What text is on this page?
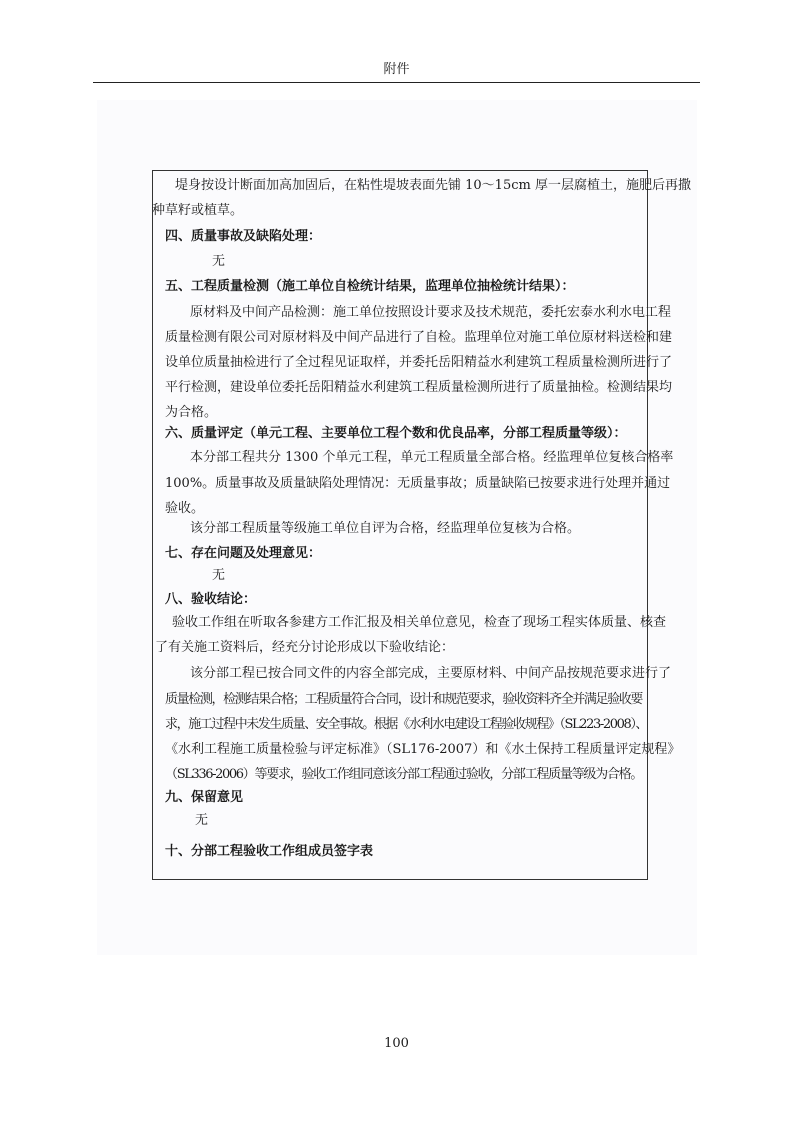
附件
堤身按设计断面加高加固后，在粘性堤坡表面先铺 10～15cm 厚一层腐植土，施肥后再撒
种草籽或植草。
四、质量事故及缺陷处理：
无
五、工程质量检测（施工单位自检统计结果，监理单位抽检统计结果）：
原材料及中间产品检测：施工单位按照设计要求及技术规范，委托宏泰水利水电工程
质量检测有限公司对原材料及中间产品进行了自检。监理单位对施工单位原材料送检和建
设单位质量抽检进行了全过程见证取样，并委托岳阳精益水利建筑工程质量检测所进行了
平行检测，建设单位委托岳阳精益水利建筑工程质量检测所进行了质量抽检。检测结果均
为合格。
六、质量评定（单元工程、主要单位工程个数和优良品率，分部工程质量等级）：
本分部工程共分 1300 个单元工程，单元工程质量全部合格。经监理单位复核合格率
100%。质量事故及质量缺陷处理情况：无质量事故；质量缺陷已按要求进行处理并通过
验收。
该分部工程质量等级施工单位自评为合格，经监理单位复核为合格。
七、存在问题及处理意见：
无
八、验收结论：
验收工作组在听取各参建方工作汇报及相关单位意见，检查了现场工程实体质量、核查
了有关施工资料后，经充分讨论形成以下验收结论：
该分部工程已按合同文件的内容全部完成，主要原材料、中间产品按规范要求进行了
质量检测，检测结果合格；工程质量符合合同，设计和规范要求，验收资料齐全并满足验收要
求，施工过程中未发生质量、安全事故。根据《水利水电建设工程验收规程》（SL223-2008）、
《水利工程施工质量检验与评定标准》（SL176-2007）和《水土保持工程质量评定规程》
（SL336-2006）等要求，验收工作组同意该分部工程通过验收，分部工程质量等级为合格。
九、保留意见
无
十、分部工程验收工作组成员签字表
100
